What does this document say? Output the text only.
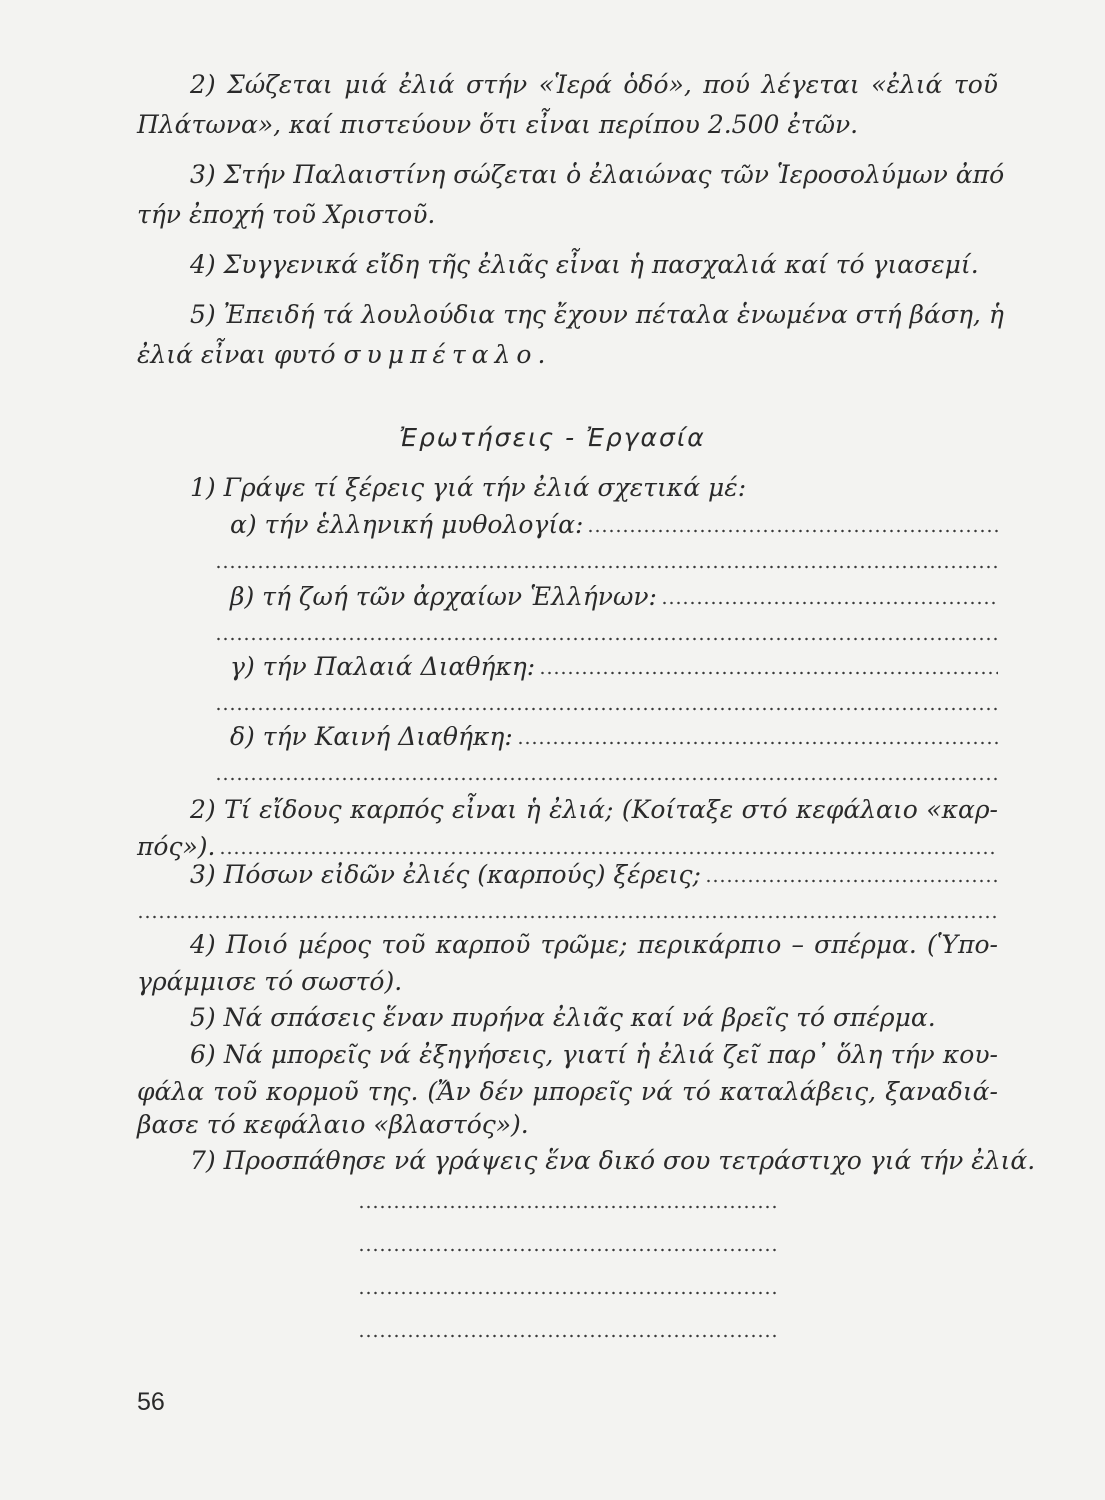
2) Σώζεται μιά ἐλιά στήν «Ἱερά ὁδό», πού λέγεται «ἐλιά τοῦ
Πλάτωνα», καί πιστεύουν ὅτι εἶναι περίπου 2.500 ἐτῶν.
3) Στήν Παλαιστίνη σώζεται ὁ ἐλαιώνας τῶν Ἱεροσολύμων ἀπό
τήν ἐποχή τοῦ Χριστοῦ.
4) Συγγενικά εἴδη τῆς ἐλιᾶς εἶναι ἡ πασχαλιά καί τό γιασεμί.
5) Ἐπειδή τά λουλούδια της ἔχουν πέταλα ἑνωμένα στή βάση, ἡ
ἐλιά εἶναι φυτό συμπέταλο.
Ἐρωτήσεις - Ἐργασία
1) Γράψε τί ξέρεις γιά τήν ἐλιά σχετικά μέ:
α) τήν ἑλληνική μυθολογία:
β) τή ζωή τῶν ἀρχαίων Ἑλλήνων:
γ) τήν Παλαιά Διαθήκη:
δ) τήν Καινή Διαθήκη:
2) Τί εἴδους καρπός εἶναι ἡ ἐλιά; (Κοίταξε στό κεφάλαιο «καρ-
πός»).
3) Πόσων εἰδῶν ἐλιές (καρπούς) ξέρεις;
4) Ποιό μέρος τοῦ καρποῦ τρῶμε; περικάρπιο – σπέρμα. (Ὑπο-
γράμμισε τό σωστό).
5) Νά σπάσεις ἕναν πυρήνα ἐλιᾶς καί νά βρεῖς τό σπέρμα.
6) Νά μπορεῖς νά ἐξηγήσεις, γιατί ἡ ἐλιά ζεῖ παρ᾽ ὅλη τήν κου-
φάλα τοῦ κορμοῦ της. (Ἄν δέν μπορεῖς νά τό καταλάβεις, ξαναδιά-
βασε τό κεφάλαιο «βλαστός»).
7) Προσπάθησε νά γράψεις ἕνα δικό σου τετράστιχο γιά τήν ἐλιά.
56
